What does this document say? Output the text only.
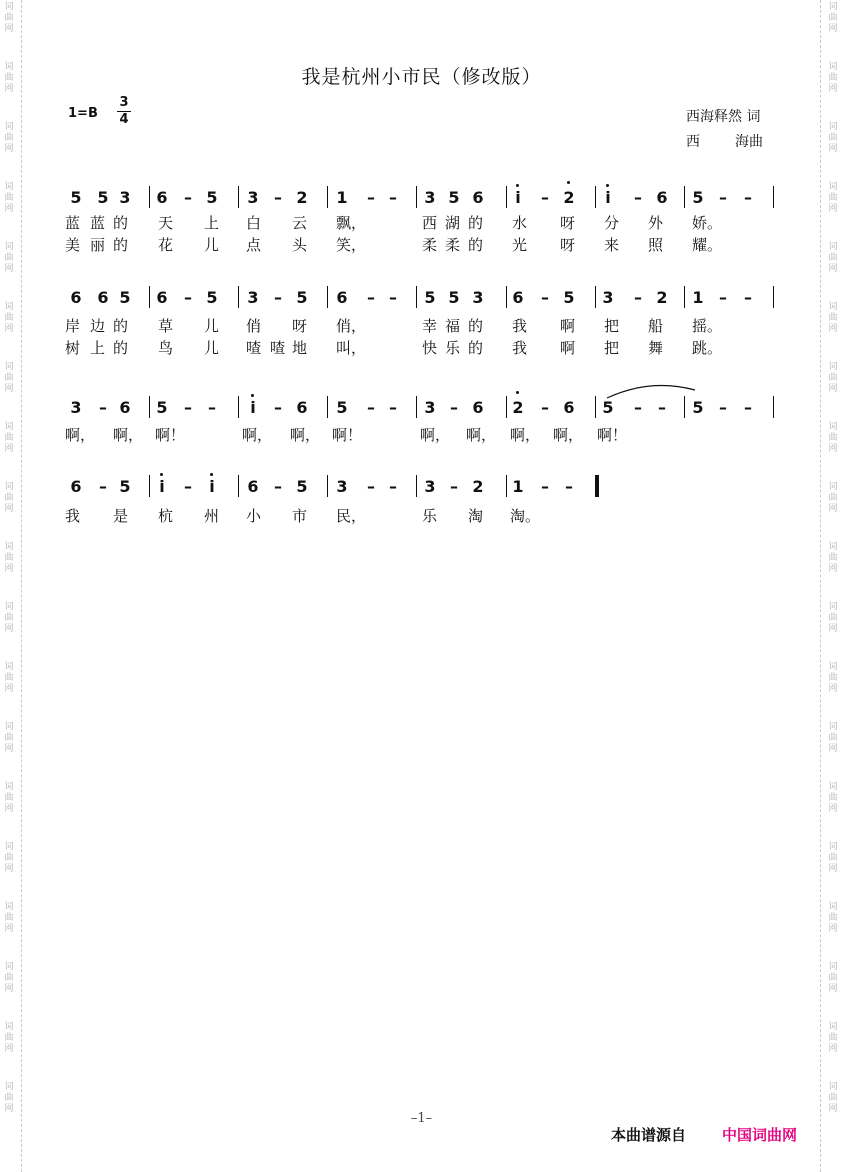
词
曲
网
词
曲
网
词
曲
网
词
曲
网
词
曲
网
词
曲
网
词
曲
网
词
曲
网
词
曲
网
词
曲
网
词
曲
网
词
曲
网
词
曲
网
词
曲
网
词
曲
网
词
曲
网
词
曲
网
词
曲
网
词
曲
网
词
曲
网
词
曲
网
词
曲
网
词
曲
网
词
曲
网
词
曲
网
词
曲
网
词
曲
网
词
曲
网
词
曲
网
词
曲
网
词
曲
网
词
曲
网
词
曲
网
词
曲
网
词
曲
网
词
曲
网
词
曲
网
词
曲
网
我是杭州小市民（修改版）
1=B
3
4	西海释然 词
西	海曲
5 5 3 6 – 5 3 – 2 1 – – 3 5 6	i	– 2	i	– 6 5 – –
蓝 蓝 的 天 上 白 云 飘，	西 湖 的 水 呀 分 外 娇。
美 丽 的 花 儿 点 头 笑，	柔 柔 的 光 呀 来 照 耀。
6 6 5 6 – 5 3 – 5 6 – – 5 5 3 6 – 5 3 – 2 1 – –
岸 边 的 草 儿 俏 呀 俏，	幸 福 的 我 啊 把 船 摇。
树 上 的 鸟 儿 喳 喳 地 叫，	快 乐 的 我 啊 把 舞 跳。
3 – 6 5 – –	i	– 6 5 – – 3 – 6 2 – 6 5 – – 5 – –
啊， 啊， 啊！	啊， 啊， 啊！	啊， 啊， 啊， 啊， 啊！
6 – 5	i	–	i	6 – 5 3 – – 3 – 2 1 – –
我 是 杭 州 小 市 民，	乐 淘 淘。
–1–
本曲谱源自 中国词曲网
